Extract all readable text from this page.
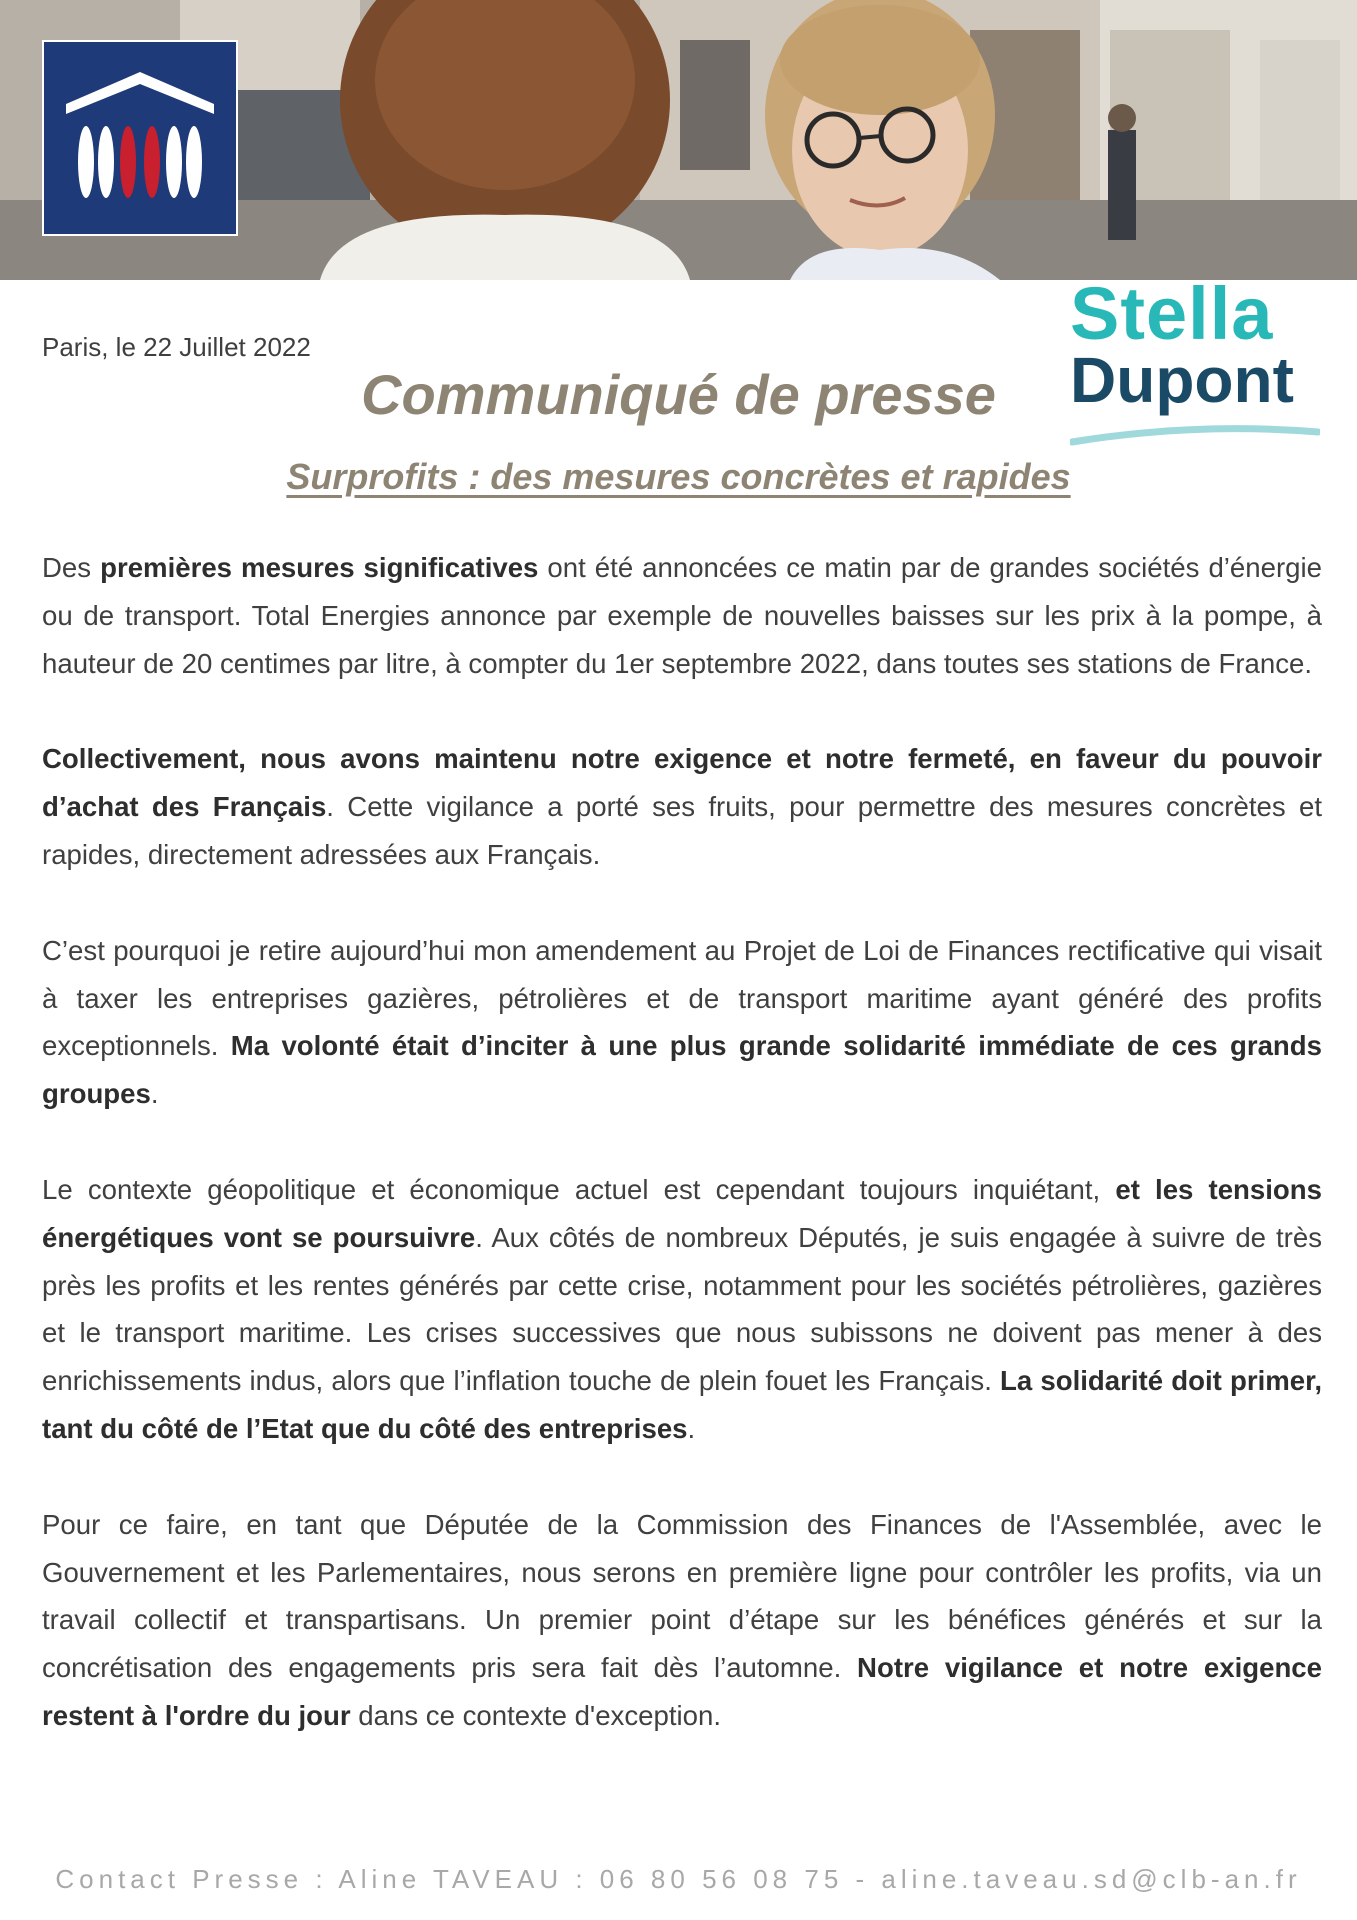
Stella
Dupont
Paris, le 22 Juillet 2022
Communiqué de presse
Surprofits : des mesures concrètes et rapides

Des premières mesures significatives ont été annoncées ce matin par de grandes sociétés d’énergie ou de transport. Total Energies annonce par exemple de nouvelles baisses sur les prix à la pompe, à hauteur de 20 centimes par litre, à compter du 1er septembre 2022, dans toutes ses stations de France.

Collectivement, nous avons maintenu notre exigence et notre fermeté, en faveur du pouvoir d’achat des Français. Cette vigilance a porté ses fruits, pour permettre des mesures concrètes et rapides, directement adressées aux Français.

C’est pourquoi je retire aujourd’hui mon amendement au Projet de Loi de Finances rectificative qui visait à taxer les entreprises gazières, pétrolières et de transport maritime ayant généré des profits exceptionnels. Ma volonté était d’inciter à une plus grande solidarité immédiate de ces grands groupes.

Le contexte géopolitique et économique actuel est cependant toujours inquiétant, et les tensions énergétiques vont se poursuivre. Aux côtés de nombreux Députés, je suis engagée à suivre de très près les profits et les rentes générés par cette crise, notamment pour les sociétés pétrolières, gazières et le transport maritime. Les crises successives que nous subissons ne doivent pas mener à des enrichissements indus, alors que l’inflation touche de plein fouet les Français. La solidarité doit primer, tant du côté de l’Etat que du côté des entreprises.

Pour ce faire, en tant que Députée de la Commission des Finances de l'Assemblée, avec le Gouvernement et les Parlementaires, nous serons en première ligne pour contrôler les profits, via un travail collectif et transpartisans. Un premier point d’étape sur les bénéfices générés et sur la concrétisation des engagements pris sera fait dès l’automne. Notre vigilance et notre exigence restent à l'ordre du jour dans ce contexte d'exception.

Contact Presse : Aline TAVEAU : 06 80 56 08 75 - aline.taveau.sd@clb-an.fr
